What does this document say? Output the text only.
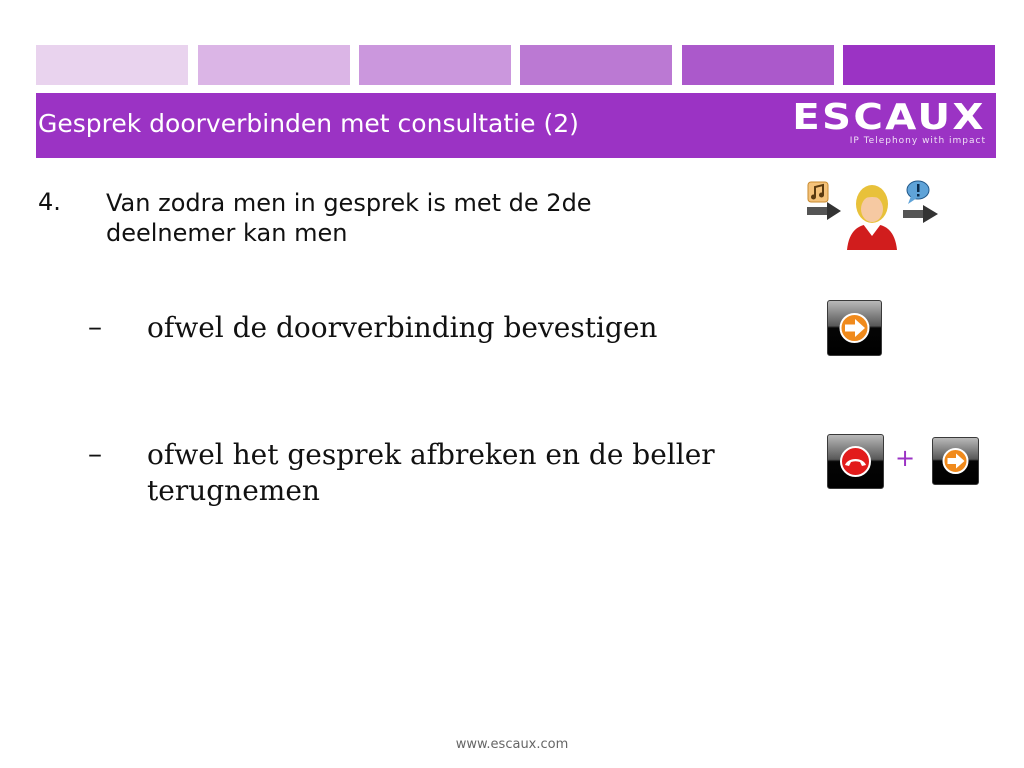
Gesprek doorverbinden met consultatie (2)	ESCAUX
IP Telephony with impact
4. Van zodra men in gesprek is met de 2de deelnemer kan men
– ofwel de doorverbinding bevestigen
– ofwel het gesprek afbreken en de beller terugnemen
+
www.escaux.com
